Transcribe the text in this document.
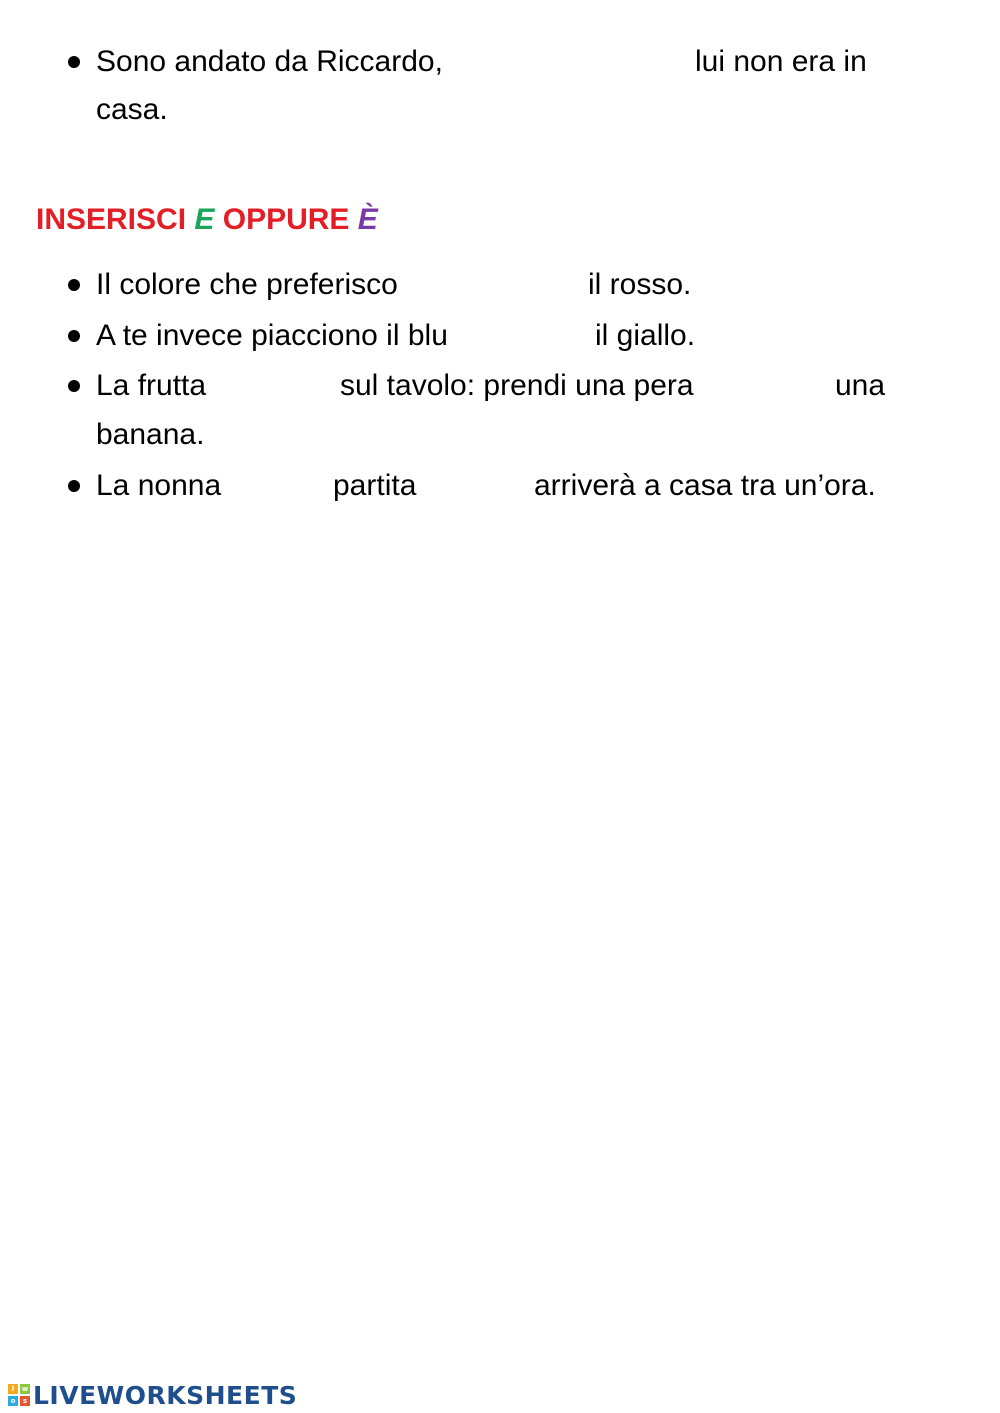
Sono andato da Riccardo,	lui non era in
casa.
INSERISCI E OPPURE È
Il colore che preferisco	il rosso.
A te invece piacciono il blu	il giallo.
La frutta	sul tavolo: prendi una pera	una
banana.
La nonna	partita	arriverà a casa tra un’ora.
l	w
o	s LIVEWORKSHEETS
